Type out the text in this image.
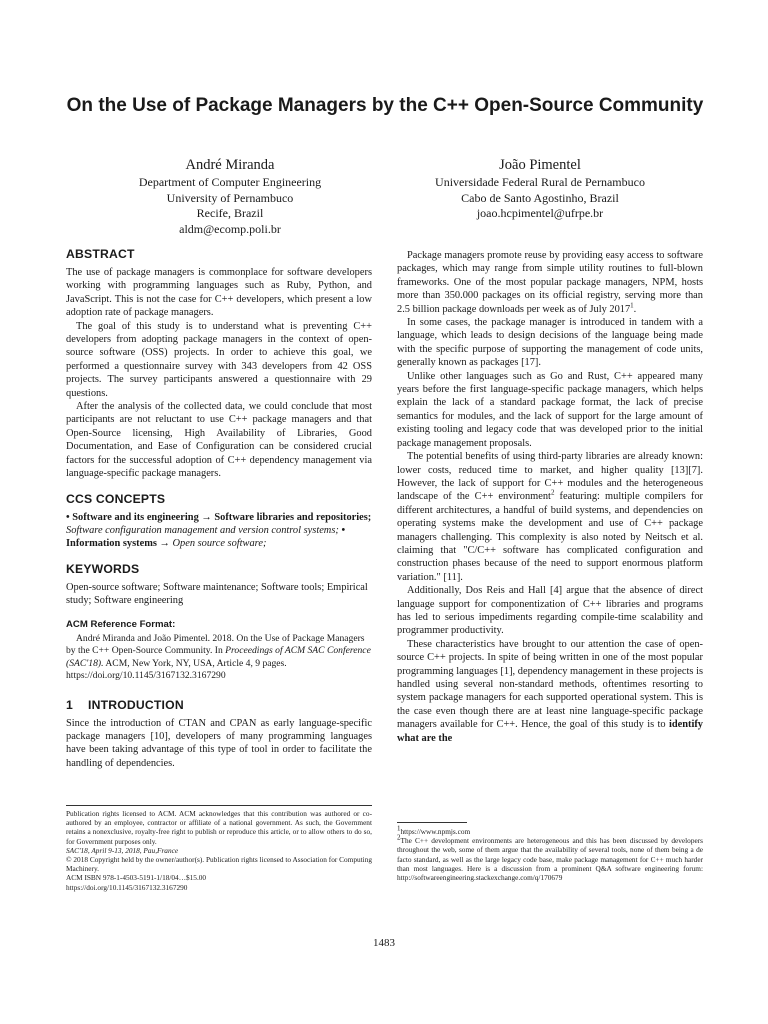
On the Use of Package Managers by the C++ Open-Source Community
André Miranda
Department of Computer Engineering
University of Pernambuco
Recife, Brazil
aldm@ecomp.poli.br
João Pimentel
Universidade Federal Rural de Pernambuco
Cabo de Santo Agostinho, Brazil
joao.hcpimentel@ufrpe.br
ABSTRACT

The use of package managers is commonplace for software developers working with programming languages such as Ruby, Python, and JavaScript. This is not the case for C++ developers, which present a low adoption rate of package managers.

The goal of this study is to understand what is preventing C++ developers from adopting package managers in the context of open-source software (OSS) projects. In order to achieve this goal, we performed a questionnaire survey with 343 developers from 42 OSS projects. The survey participants answered a questionnaire with 29 questions.

After the analysis of the collected data, we could conclude that most participants are not reluctant to use C++ package managers and that Open-Source licensing, High Availability of Libraries, Good Documentation, and Ease of Configuration can be considered crucial factors for the successful adoption of C++ dependency management via language-specific package managers.

CCS CONCEPTS

• Software and its engineering → Software libraries and repositories; Software configuration management and version control systems; • Information systems → Open source software;

KEYWORDS

Open-source software; Software maintenance; Software tools; Empirical study; Software engineering

ACM Reference Format:

André Miranda and João Pimentel. 2018. On the Use of Package Managers by the C++ Open-Source Community. In Proceedings of ACM SAC Conference (SAC'18). ACM, New York, NY, USA, Article 4, 9 pages. https://doi.org/10.1145/3167132.3167290

1 INTRODUCTION

Since the introduction of CTAN and CPAN as early language-specific package managers [10], developers of many programming languages have been taking advantage of this type of tool in order to facilitate the handling of dependencies.

Publication rights licensed to ACM. ACM acknowledges that this contribution was authored or co-authored by an employee, contractor or affiliate of a national government. As such, the Government retains a nonexclusive, royalty-free right to publish or reproduce this article, or to allow others to do so, for Government purposes only.

SAC'18, April 9-13, 2018, Pau,France

© 2018 Copyright held by the owner/author(s). Publication rights licensed to Association for Computing Machinery.

ACM ISBN 978-1-4503-5191-1/18/04…$15.00

https://doi.org/10.1145/3167132.3167290

Package managers promote reuse by providing easy access to software packages, which may range from simple utility routines to full-blown frameworks. One of the most popular package managers, NPM, hosts more than 350.000 packages on its official registry, serving more than 2.5 billion package downloads per week as of July 2017$^1$.

In some cases, the package manager is introduced in tandem with a language, which leads to design decisions of the language being made with the specific purpose of supporting the management of code units, generally known as packages [17].

Unlike other languages such as Go and Rust, C++ appeared many years before the first language-specific package managers, which helps explain the lack of a standard package format, the lack of precise semantics for modules, and the lack of support for the large amount of existing tooling and legacy code that was developed prior to the initial package management proposals.

The potential benefits of using third-party libraries are already known: lower costs, reduced time to market, and higher quality [13][7]. However, the lack of support for C++ modules and the heterogeneous landscape of the C++ environment$^2$ featuring: multiple compilers for different architectures, a handful of build systems, and dependencies on operating systems make the development and use of C++ package managers challenging. This complexity is also noted by Neitsch et al. claiming that "C/C++ software has complicated configuration and construction phases because of the need to support enormous platform variation." [11].

Additionally, Dos Reis and Hall [4] argue that the absence of direct language support for componentization of C++ libraries and programs has led to serious impediments regarding compile-time scalability and programmer productivity.

These characteristics have brought to our attention the case of open-source C++ projects. In spite of being written in one of the most popular programming languages [1], dependency management in these projects is handled using several non-standard methods, oftentimes resorting to system package managers for each supported operational system. This is the case even though there are at least nine language-specific package managers available for C++. Hence, the goal of this study is to identify what are the

$^1$https://www.npmjs.com

$^2$The C++ development environments are heterogeneous and this has been discussed by developers throughout the web, some of them argue that the availability of several tools, none of them being a de facto standard, as well as the large legacy code base, make package management for C++ much harder than most languages. Here is a discussion from a prominent Q&A software engineering forum: http://softwareengineering.stackexchange.com/q/170679

1483
